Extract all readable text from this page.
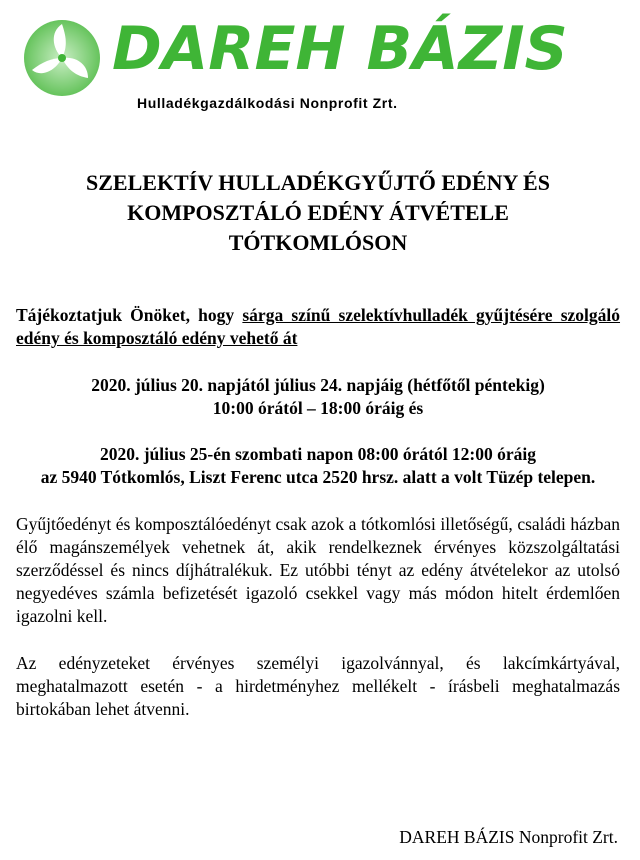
DAREH BÁZIS
Hulladékgazdálkodási Nonprofit Zrt.

SZELEKTÍV HULLADÉKGYŰJTŐ EDÉNY ÉS
KOMPOSZTÁLÓ EDÉNY ÁTVÉTELE
TÓTKOMLÓSON

Tájékoztatjuk Önöket, hogy sárga színű szelektívhulladék gyűjtésére szolgáló edény és komposztáló edény vehető át

2020. július 20. napjától július 24. napjáig (hétfőtől péntekig)

10:00 órától – 18:00 óráig és

2020. július 25-én szombati napon 08:00 órától 12:00 óráig

az 5940 Tótkomlós, Liszt Ferenc utca 2520 hrsz. alatt a volt Tüzép telepen.

Gyűjtőedényt és komposztálóedényt csak azok a tótkomlósi illetőségű, családi házban élő magánszemélyek vehetnek át, akik rendelkeznek érvényes közszolgáltatási szerződéssel és nincs díjhátralékuk. Ez utóbbi tényt az edény átvételekor az utolsó negyedéves számla befizetését igazoló csekkel vagy más módon hitelt érdemlően igazolni kell.

Az edényzeteket érvényes személyi igazolvánnyal, és lakcímkártyával, meghatalmazott esetén - a hirdetményhez mellékelt - írásbeli meghatalmazás birtokában lehet átvenni.

DAREH BÁZIS Nonprofit Zrt.
